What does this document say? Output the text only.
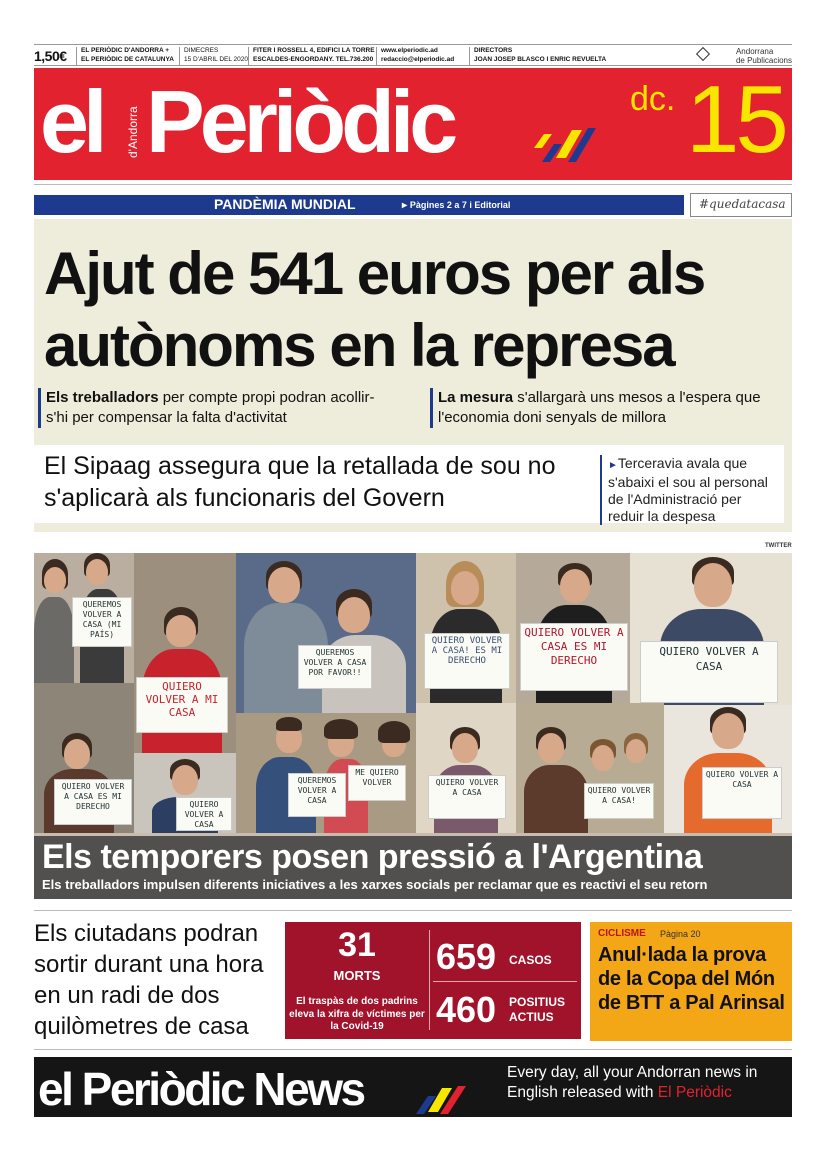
1,50€ EL PERIÒDIC D'ANDORRA +
EL PERIÒDIC DE CATALUNYA
DIMECRES
15 D'ABRIL DEL 2020
FITER I ROSSELL 4, EDIFICI LA TORRE
ESCALDES-ENGORDANY. TEL.736.200
www.elperiodic.ad
redaccio@elperiodic.ad
DIRECTORS
JOAN JOSEP BLASCO I ENRIC REVUELTA
Andorrana
de Publicacions
el d'Andorra Periòdic	dc. 15
PANDÈMIA MUNDIAL	▸ Pàgines 2 a 7 i Editorial	#quedatacasa
Ajut de 541 euros per als
autònoms en la represa
Els treballadors per compte propi podran acollir-s'hi per compensar la falta d'activitat
La mesura s'allargarà uns mesos a l'espera que l'economia doni senyals de millora
El Sipaag assegura que la retallada de sou no s'aplicarà als funcionaris del Govern
►Terceravia avala que s'abaixi el sou al personal de l'Administració per reduir la despesa
TWITTER
QUEREMOS VOLVER A CASA (MI PAÍS)
QUIERO VOLVER A MI CASA
QUEREMOS VOLVER A CASA POR FAVOR!!
QUIERO VOLVER A CASA! ES MI DERECHO
QUIERO VOLVER A CASA ES MI DERECHO
QUIERO VOLVER A CASA
QUIERO VOLVER A CASA ES MI DERECHO	QUIERO VOLVER A CASA
QUEREMOS VOLVER A CASA
ME QUIERO VOLVER	QUIERO VOLVER A CASA	QUIERO VOLVER A CASA!
QUIERO VOLVER A CASA
Els temporers posen pressió a l'Argentina
Els treballadors impulsen diferents iniciatives a les xarxes socials per reclamar que es reactivi el seu retorn
Els ciutadans podran sortir durant una hora en un radi de dos quilòmetres de casa
31
MORTS
El traspàs de dos padrins eleva la xifra de víctimes per la Covid-19
659 CASOS
460 POSITIUS
ACTIUS
CICLISME Pàgina 20
Anul·lada la prova de la Copa del Món de BTT a Pal Arinsal
el Periòdic News	Every day, all your Andorran news in
English released with El Periòdic
